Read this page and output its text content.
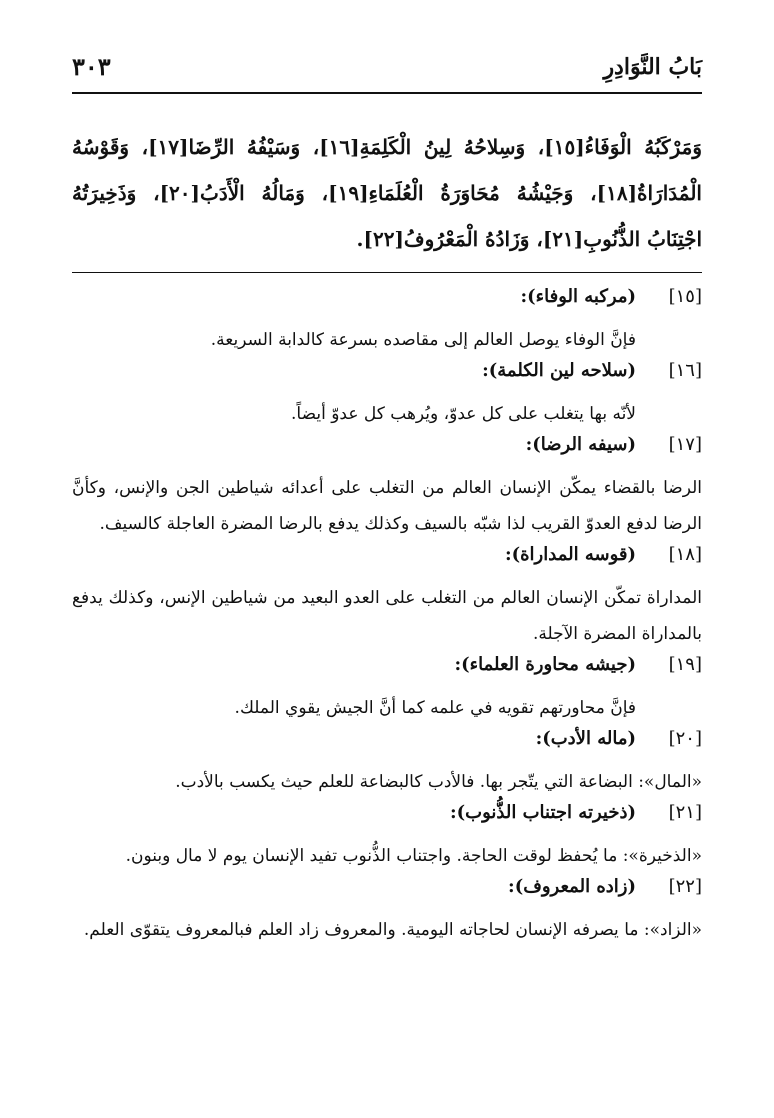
بَابُ النَّوَادِرِ
٣٠٣
وَمَرْكَبُهُ الْوَفَاءُ[١٥]، وَسِلاحُهُ لِينُ الْكَلِمَةِ[١٦]، وَسَيْفُهُ الرِّضَا[١٧]، وَقَوْسُهُ الْمُدَارَاةُ[١٨]، وَجَيْشُهُ مُحَاوَرَةُ الْعُلَمَاءِ[١٩]، وَمَالُهُ الْأَدَبُ[٢٠]، وَذَخِيرَتُهُ اجْتِنَابُ الذُّنُوبِ[٢١]، وَزَادُهُ الْمَعْرُوفُ[٢٢].
[١٥]
(مركبه الوفاء):
فإنَّ الوفاء يوصل العالم إلى مقاصده بسرعة كالدابة السريعة.
[١٦]
(سلاحه لين الكلمة):
لأنّه بها يتغلب على كل عدوّ، ويُرهب كل عدوّ أيضاً.
[١٧]
(سيفه الرضا):
الرضا بالقضاء يمكّن الإنسان العالم من التغلب على أعدائه شياطين الجن والإنس، وكأنَّ الرضا لدفع العدوّ القريب لذا شبّه بالسيف وكذلك يدفع بالرضا المضرة العاجلة كالسيف.
[١٨]
(قوسه المداراة):
المداراة تمكّن الإنسان العالم من التغلب على العدو البعيد من شياطين الإنس، وكذلك يدفع بالمداراة المضرة الآجلة.
[١٩]
(جيشه محاورة العلماء):
فإنَّ محاورتهم تقويه في علمه كما أنَّ الجيش يقوي الملك.
[٢٠]
(ماله الأدب):
«المال»: البضاعة التي يتّجر بها. فالأدب كالبضاعة للعلم حيث يكسب بالأدب.
[٢١]
(ذخيرته اجتناب الذُّنوب):
«الذخيرة»: ما يُحفظ لوقت الحاجة. واجتناب الذُّنوب تفيد الإنسان يوم لا مال وبنون.
[٢٢]
(زاده المعروف):
«الزاد»: ما يصرفه الإنسان لحاجاته اليومية. والمعروف زاد العلم فبالمعروف يتقوّى العلم.
